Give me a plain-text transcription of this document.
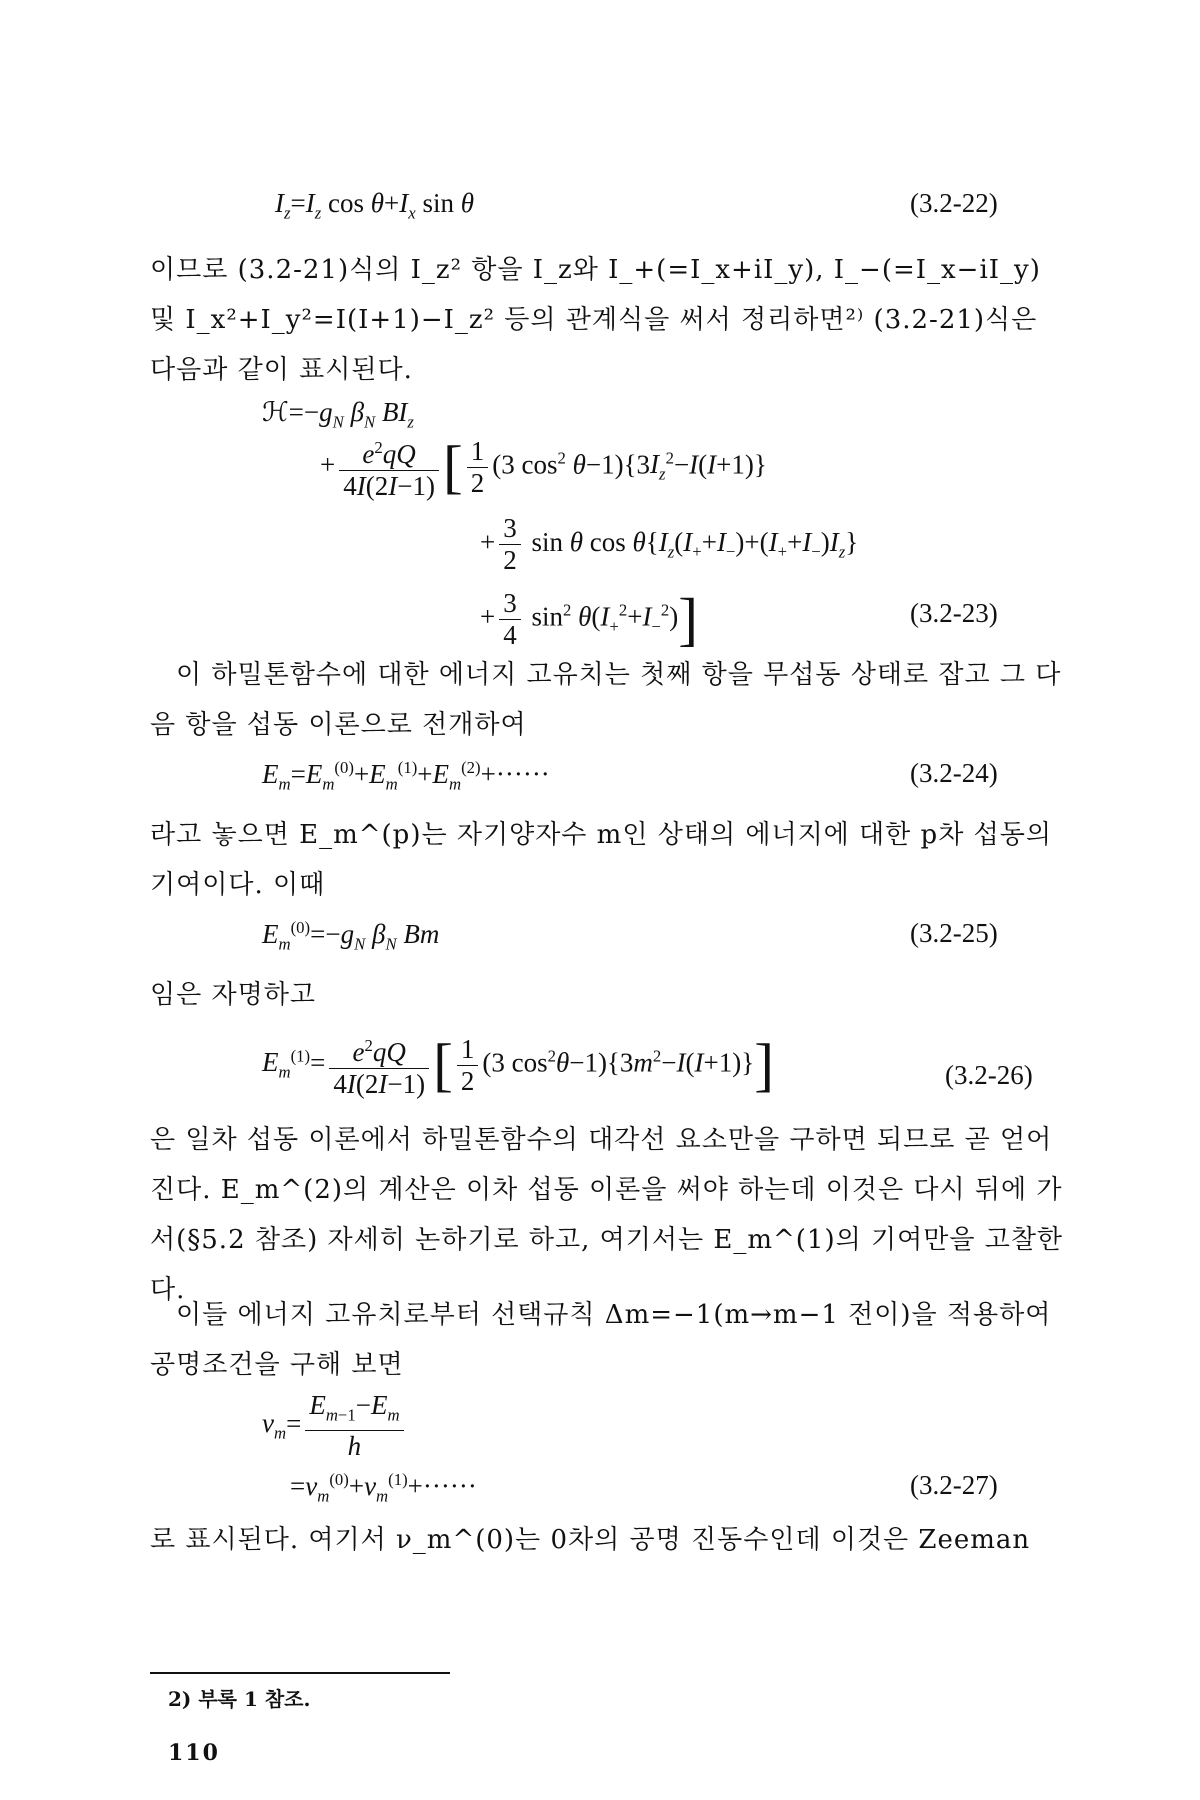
$I_z=I_z$ $\cos \theta+I_x$ sin θ	(3.2-22)
이므로 (3.2-21)식의 I_z² 항을 I_z와 I_+(=I_x+iI_y), I_−(=I_x−iI_y) 및 I_x²+I_y²=I(I+1)−I_z² 등의 관계식을 써서 정리하면²⁾ (3.2-21)식은 다음과 같이 표시된다.
$ℋ=-g_N$ $\beta_N$ $BI_z$
+ $\frac{e^2qQ}{4I(2I-1)}$ [ $\frac{1}{2} (3$ $\cos^2 \theta-1)\{3I_z^2-I(I+1)\}$
+ $\frac{3}{2}$ sin θ $\cos \theta\{I_z(I_++I_-)+(I_++I_-)I_z\}$
+ $\frac{3}{4} \sin^2 \theta(I_+^2+I_-^2)$]	(3.2-23)
이 하밀톤함수에 대한 에너지 고유치는 첫째 항을 무섭동 상태로 잡고 그 다음 항을 섭동 이론으로 전개하여
$E_m=E_m^{(0)}+E_m^{(1)}+E_m^{(2)}+\cdot\cdot\cdot\cdot\cdot\cdot$	(3.2-24)
라고 놓으면 E_m^(p)는 자기양자수 m인 상태의 에너지에 대한 p차 섭동의 기여이다. 이때
$E_m^{(0)}=-g_N$ $\beta_N$ Bm	(3.2-25)
임은 자명하고
$E_m^{(1)}= \frac{e^2qQ}{4I(2I-1)}$ [ $\frac{1}{2} (3$ $\cos^2\theta-1)\{3m^2-I(I+1)\}$]	(3.2-26)
은 일차 섭동 이론에서 하밀톤함수의 대각선 요소만을 구하면 되므로 곧 얻어진다. E_m^(2)의 계산은 이차 섭동 이론을 써야 하는데 이것은 다시 뒤에 가서(§5.2 참조) 자세히 논하기로 하고, 여기서는 E_m^(1)의 기여만을 고찰한다.
이들 에너지 고유치로부터 선택규칙 Δm=−1(m→m−1 전이)을 적용하여 공명조건을 구해 보면
$\nu_m= \frac{E_{m-1}-E_m}{h}$
$=\nu_m^{(0)}+\nu_m^{(1)}+\cdot\cdot\cdot\cdot\cdot\cdot$	(3.2-27)
로 표시된다. 여기서 ν_m^(0)는 0차의 공명 진동수인데 이것은 Zeeman
2) 부록 1 참조.
110
